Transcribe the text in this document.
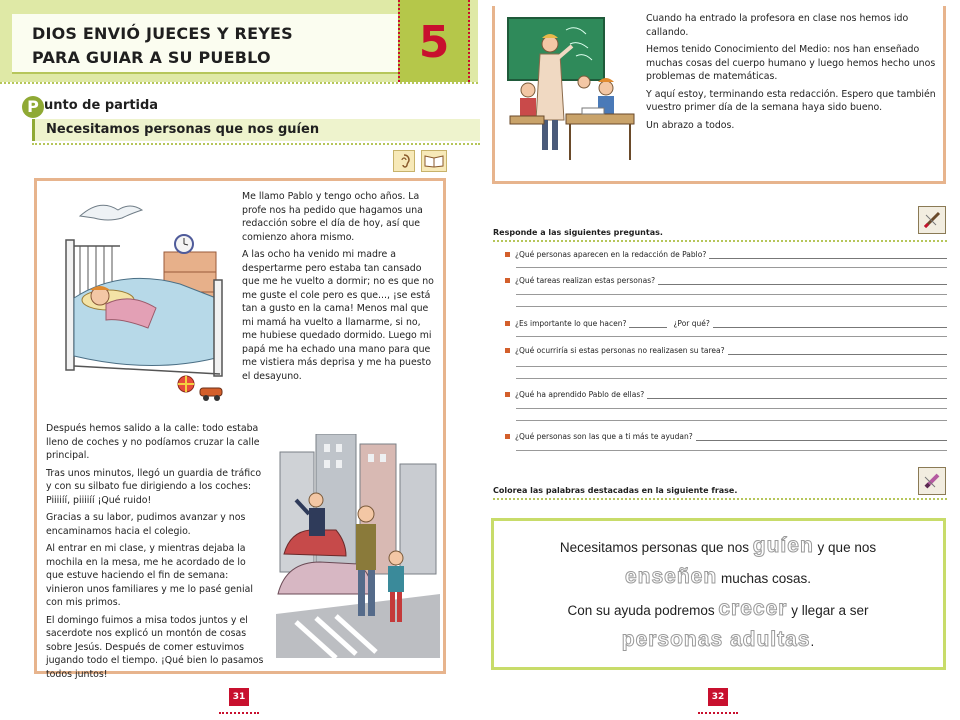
DIOS ENVIÓ JUECES Y REYES
PARA GUIAR A SU PUEBLO	5
P unto de partida
Necesitamos personas que nos guíen

Me llamo Pablo y tengo ocho años. La profe nos ha pedido que hagamos una redacción sobre el día de hoy, así que comienzo ahora mismo.

A las ocho ha venido mi madre a despertarme pero estaba tan cansado que me he vuelto a dormir; no es que no me guste el cole pero es que..., ¡se está tan a gusto en la cama! Menos mal que mi mamá ha vuelto a llamarme, si no, me hubiese quedado dormido. Luego mi papá me ha echado una mano para que me vistiera más deprisa y me ha puesto el desayuno.

Después hemos salido a la calle: todo estaba lleno de coches y no podíamos cruzar la calle principal.

Tras unos minutos, llegó un guardia de tráfico y con su silbato fue dirigiendo a los coches: Piiiiíí, piiiiíí ¡Qué ruido!

Gracias a su labor, pudimos avanzar y nos encaminamos hacia el colegio.

Al entrar en mi clase, y mientras dejaba la mochila en la mesa, me he acordado de lo que estuve haciendo el fin de semana: vinieron unos familiares y me lo pasé genial con mis primos.

El domingo fuimos a misa todos juntos y el sacerdote nos explicó un montón de cosas sobre Jesús. Después de comer estuvimos jugando todo el tiempo. ¡Qué bien lo pasamos todos juntos!

31

Cuando ha entrado la profesora en clase nos hemos ido callando.

Hemos tenido Conocimiento del Medio: nos han enseñado muchas cosas del cuerpo humano y luego hemos hecho unos problemas de matemáticas.

Y aquí estoy, terminando esta redacción. Espero que también vuestro primer día de la semana haya sido bueno.

Un abrazo a todos.

Responde a las siguientes preguntas.
¿Qué personas aparecen en la redacción de Pablo?
¿Qué tareas realizan estas personas?
¿Es importante lo que hacen?	¿Por qué?
¿Qué ocurriría si estas personas no realizasen su tarea?
¿Qué ha aprendido Pablo de ellas?
¿Qué personas son las que a ti más te ayudan?
Colorea las palabras destacadas en la siguiente frase.
Necesitamos personas que nos guíen y que nos
enseñen muchas cosas.
Con su ayuda podremos crecer y llegar a ser
personas adultas.
32
